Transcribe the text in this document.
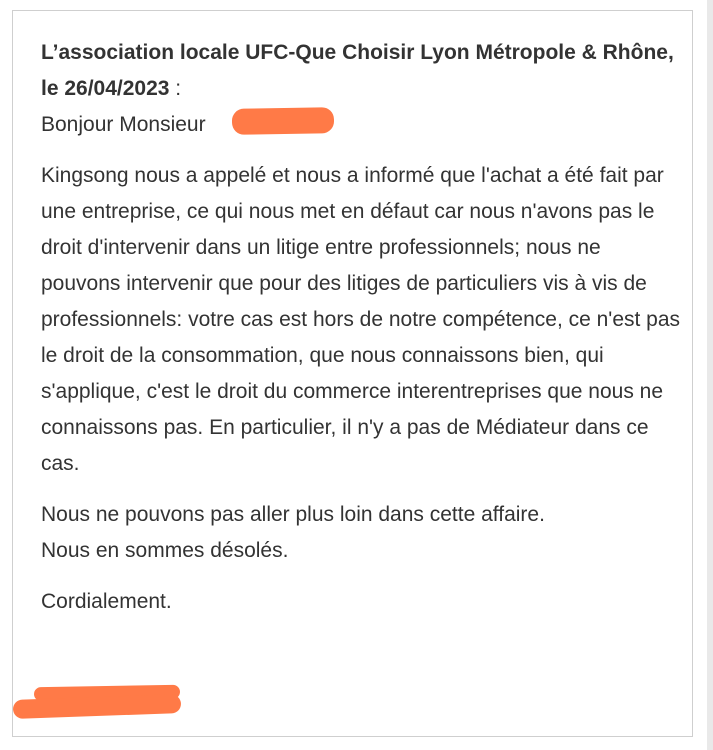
L’association locale UFC-Que Choisir Lyon Métropole & Rhône, le 26/04/2023 :

Bonjour Monsieur

Kingsong nous a appelé et nous a informé que l'achat a été fait par une entreprise, ce qui nous met en défaut car nous n'avons pas le droit d'intervenir dans un litige entre professionnels; nous ne pouvons intervenir que pour des litiges de particuliers vis à vis de professionnels: votre cas est hors de notre compétence, ce n'est pas le droit de la consommation, que nous connaissons bien, qui s'applique, c'est le droit du commerce interentreprises que nous ne connaissons pas. En particulier, il n'y a pas de Médiateur dans ce cas.

Nous ne pouvons pas aller plus loin dans cette affaire.
Nous en sommes désolés.

Cordialement.
